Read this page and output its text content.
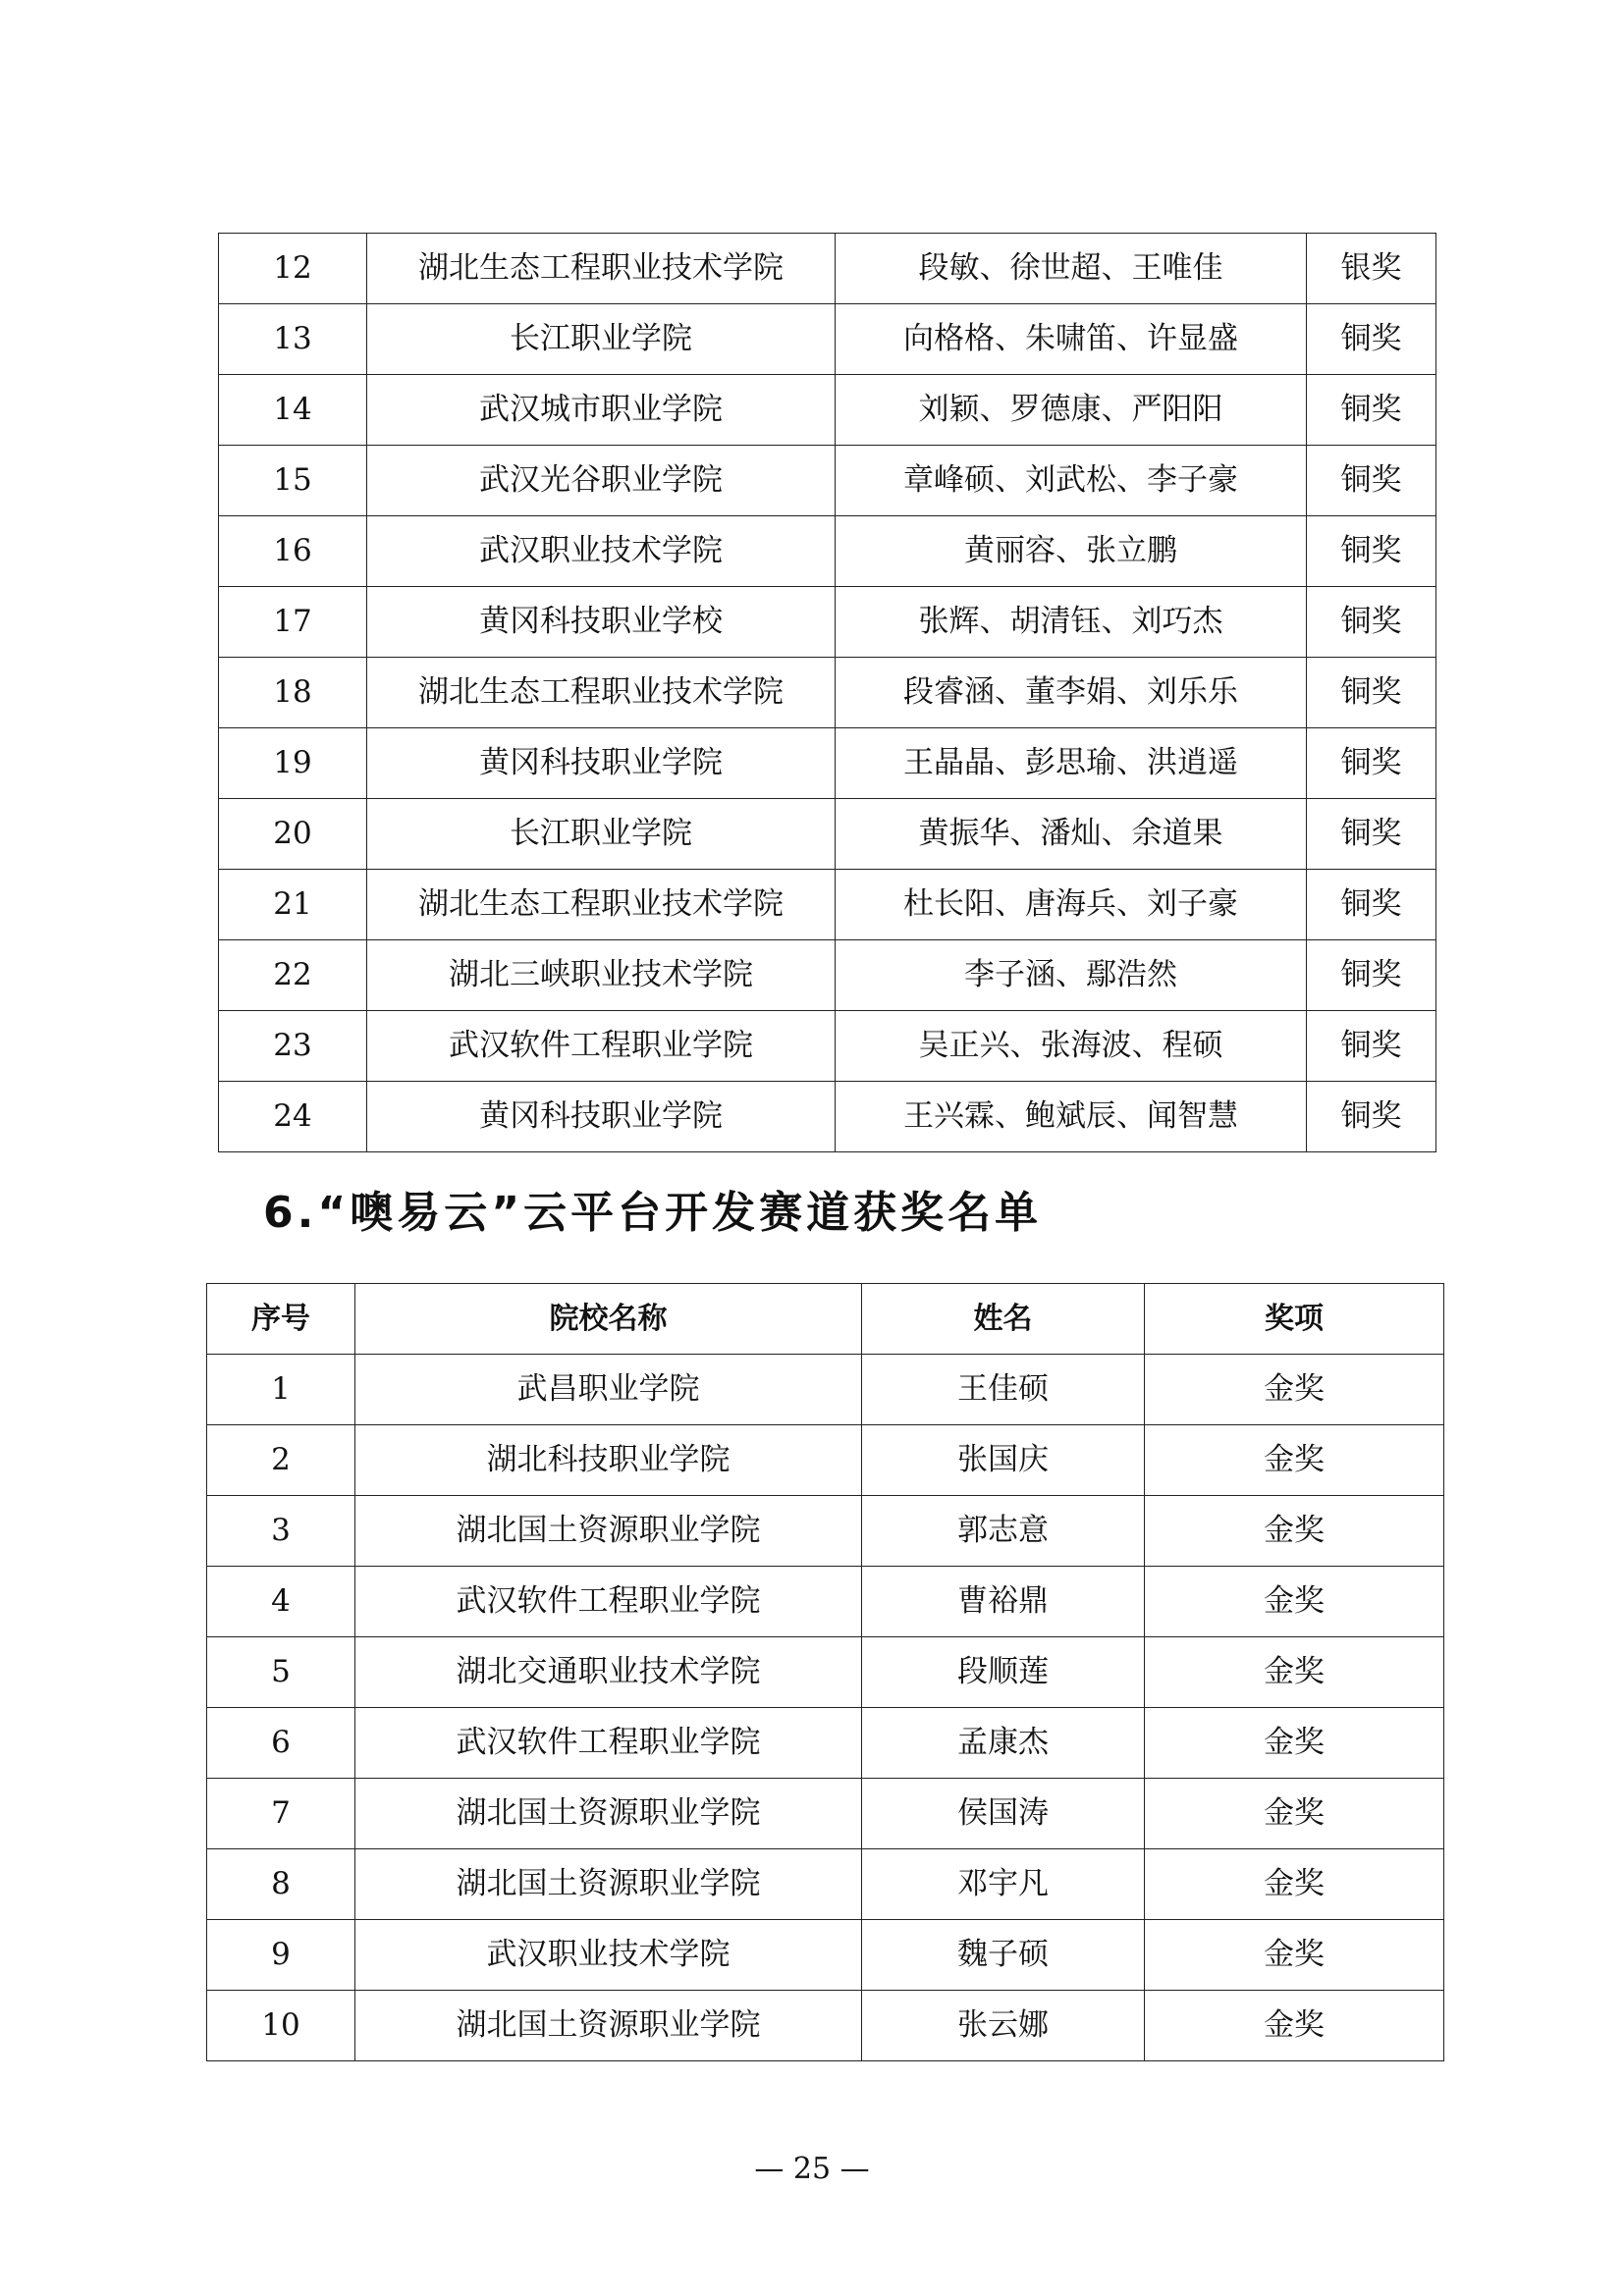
12	湖北生态工程职业技术学院	段敏、徐世超、王唯佳	银奖
13	长江职业学院	向格格、朱啸笛、许显盛	铜奖
14	武汉城市职业学院	刘颖、罗德康、严阳阳	铜奖
15	武汉光谷职业学院	章峰硕、刘武松、李子豪	铜奖
16	武汉职业技术学院	黄丽容、张立鹏	铜奖
17	黄冈科技职业学校	张辉、胡清钰、刘巧杰	铜奖
18	湖北生态工程职业技术学院	段睿涵、董李娟、刘乐乐	铜奖
19	黄冈科技职业学院	王晶晶、彭思瑜、洪逍遥	铜奖
20	长江职业学院	黄振华、潘灿、余道果	铜奖
21	湖北生态工程职业技术学院	杜长阳、唐海兵、刘子豪	铜奖
22	湖北三峡职业技术学院	李子涵、鄢浩然	铜奖
23	武汉软件工程职业学院	吴正兴、张海波、程硕	铜奖
24	黄冈科技职业学院	王兴霖、鲍斌辰、闻智慧	铜奖
6.“噢易云”云平台开发赛道获奖名单
序号	院校名称	姓名	奖项
1	武昌职业学院	王佳硕	金奖
2	湖北科技职业学院	张国庆	金奖
3	湖北国土资源职业学院	郭志意	金奖
4	武汉软件工程职业学院	曹裕鼎	金奖
5	湖北交通职业技术学院	段顺莲	金奖
6	武汉软件工程职业学院	孟康杰	金奖
7	湖北国土资源职业学院	侯国涛	金奖
8	湖北国土资源职业学院	邓宇凡	金奖
9	武汉职业技术学院	魏子硕	金奖
10	湖北国土资源职业学院	张云娜	金奖

— 25 —
